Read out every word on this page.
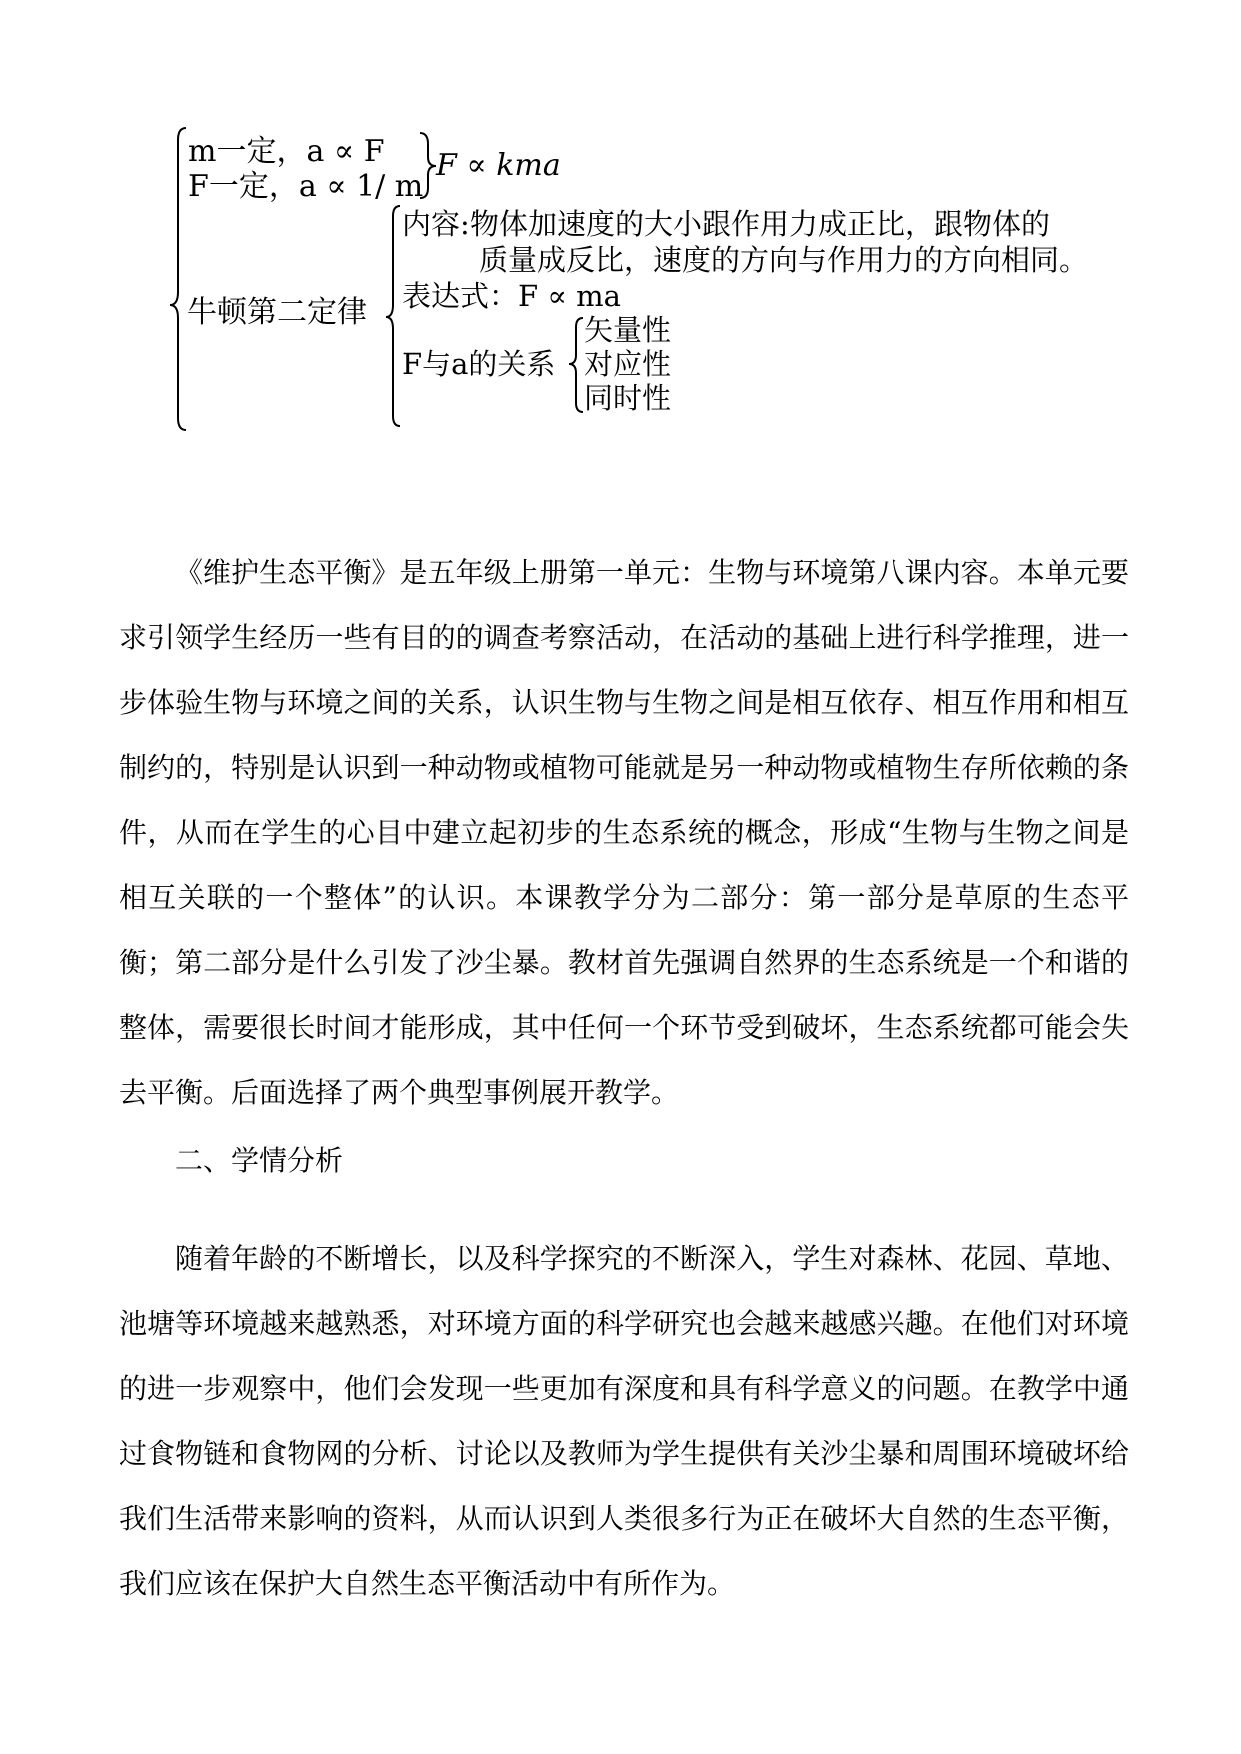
m一定，a ∝ F
F一定，a ∝ 1/ m
F ∝ kma
牛顿第二定律
内容: 物体加速度的大小跟作用力成正比，跟物体的
质量成反比，速度的方向与作用力的方向相同。
表达式：F ∝ ma
F与a的关系
矢量性
对应性
同时性

《维护生态平衡》是五年级上册第一单元：生物与环境第八课内容。本单元要求引领学生经历一些有目的的调查考察活动，在活动的基础上进行科学推理，进一步体验生物与环境之间的关系，认识生物与生物之间是相互依存、相互作用和相互制约的，特别是认识到一种动物或植物可能就是另一种动物或植物生存所依赖的条件，从而在学生的心目中建立起初步的生态系统的概念，形成“生物与生物之间是相互关联的一个整体”的认识。本课教学分为二部分：第一部分是草原的生态平衡；第二部分是什么引发了沙尘暴。教材首先强调自然界的生态系统是一个和谐的整体，需要很长时间才能形成，其中任何一个环节受到破坏，生态系统都可能会失去平衡。后面选择了两个典型事例展开教学。

二、学情分析

随着年龄的不断增长，以及科学探究的不断深入，学生对森林、花园、草地、池塘等环境越来越熟悉，对环境方面的科学研究也会越来越感兴趣。在他们对环境的进一步观察中，他们会发现一些更加有深度和具有科学意义的问题。在教学中通过食物链和食物网的分析、讨论以及教师为学生提供有关沙尘暴和周围环境破坏给我们生活带来影响的资料，从而认识到人类很多行为正在破坏大自然的生态平衡，我们应该在保护大自然生态平衡活动中有所作为。
